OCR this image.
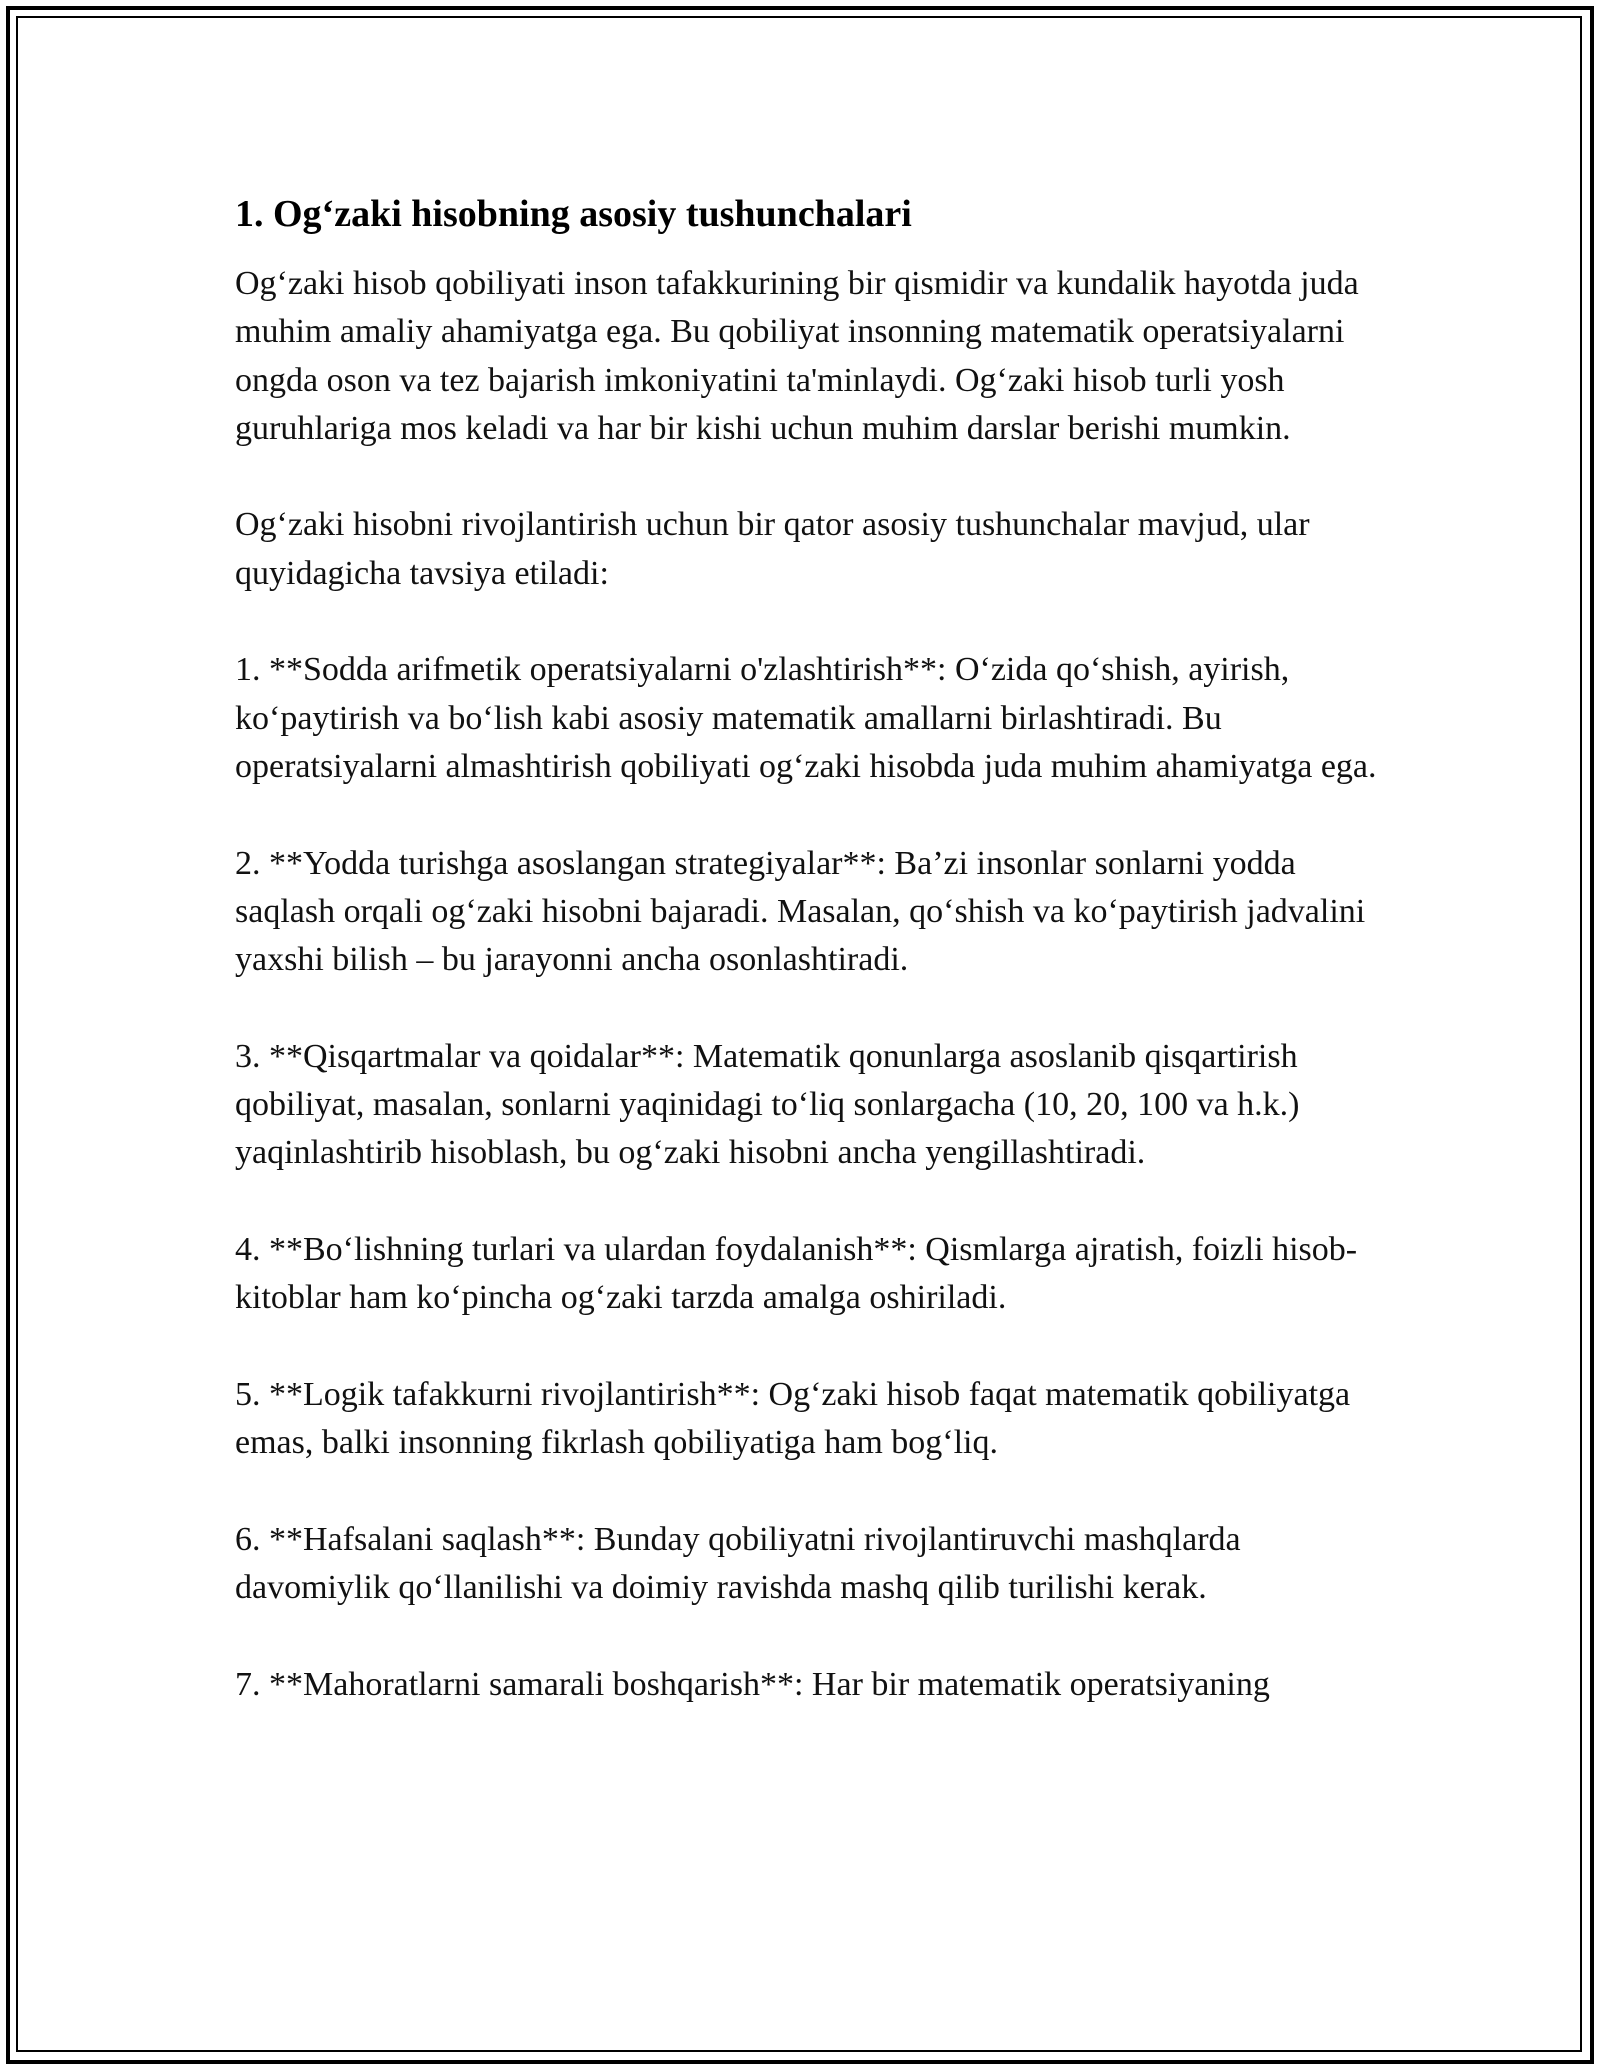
1. Og‘zaki hisobning asosiy tushunchalari

Og‘zaki hisob qobiliyati inson tafakkurining bir qismidir va kundalik hayotda juda muhim amaliy ahamiyatga ega. Bu qobiliyat insonning matematik operatsiyalarni ongda oson va tez bajarish imkoniyatini ta'minlaydi. Og‘zaki hisob turli yosh guruhlariga mos keladi va har bir kishi uchun muhim darslar berishi mumkin.

Og‘zaki hisobni rivojlantirish uchun bir qator asosiy tushunchalar mavjud, ular quyidagicha tavsiya etiladi:

1. **Sodda arifmetik operatsiyalarni o'zlashtirish**: O‘zida qo‘shish, ayirish, ko‘paytirish va bo‘lish kabi asosiy matematik amallarni birlashtiradi. Bu operatsiyalarni almashtirish qobiliyati og‘zaki hisobda juda muhim ahamiyatga ega.

2. **Yodda turishga asoslangan strategiyalar**: Ba’zi insonlar sonlarni yodda saqlash orqali og‘zaki hisobni bajaradi. Masalan, qo‘shish va ko‘paytirish jadvalini yaxshi bilish – bu jarayonni ancha osonlashtiradi.

3. **Qisqartmalar va qoidalar**: Matematik qonunlarga asoslanib qisqartirish qobiliyat, masalan, sonlarni yaqinidagi to‘liq sonlargacha (10, 20, 100 va h.k.) yaqinlashtirib hisoblash, bu og‘zaki hisobni ancha yengillashtiradi.

4. **Bo‘lishning turlari va ulardan foydalanish**: Qismlarga ajratish, foizli hisob-kitoblar ham ko‘pincha og‘zaki tarzda amalga oshiriladi.

5. **Logik tafakkurni rivojlantirish**: Og‘zaki hisob faqat matematik qobiliyatga emas, balki insonning fikrlash qobiliyatiga ham bog‘liq.

6. **Hafsalani saqlash**: Bunday qobiliyatni rivojlantiruvchi mashqlarda davomiylik qo‘llanilishi va doimiy ravishda mashq qilib turilishi kerak.

7. **Mahoratlarni samarali boshqarish**: Har bir matematik operatsiyaning
